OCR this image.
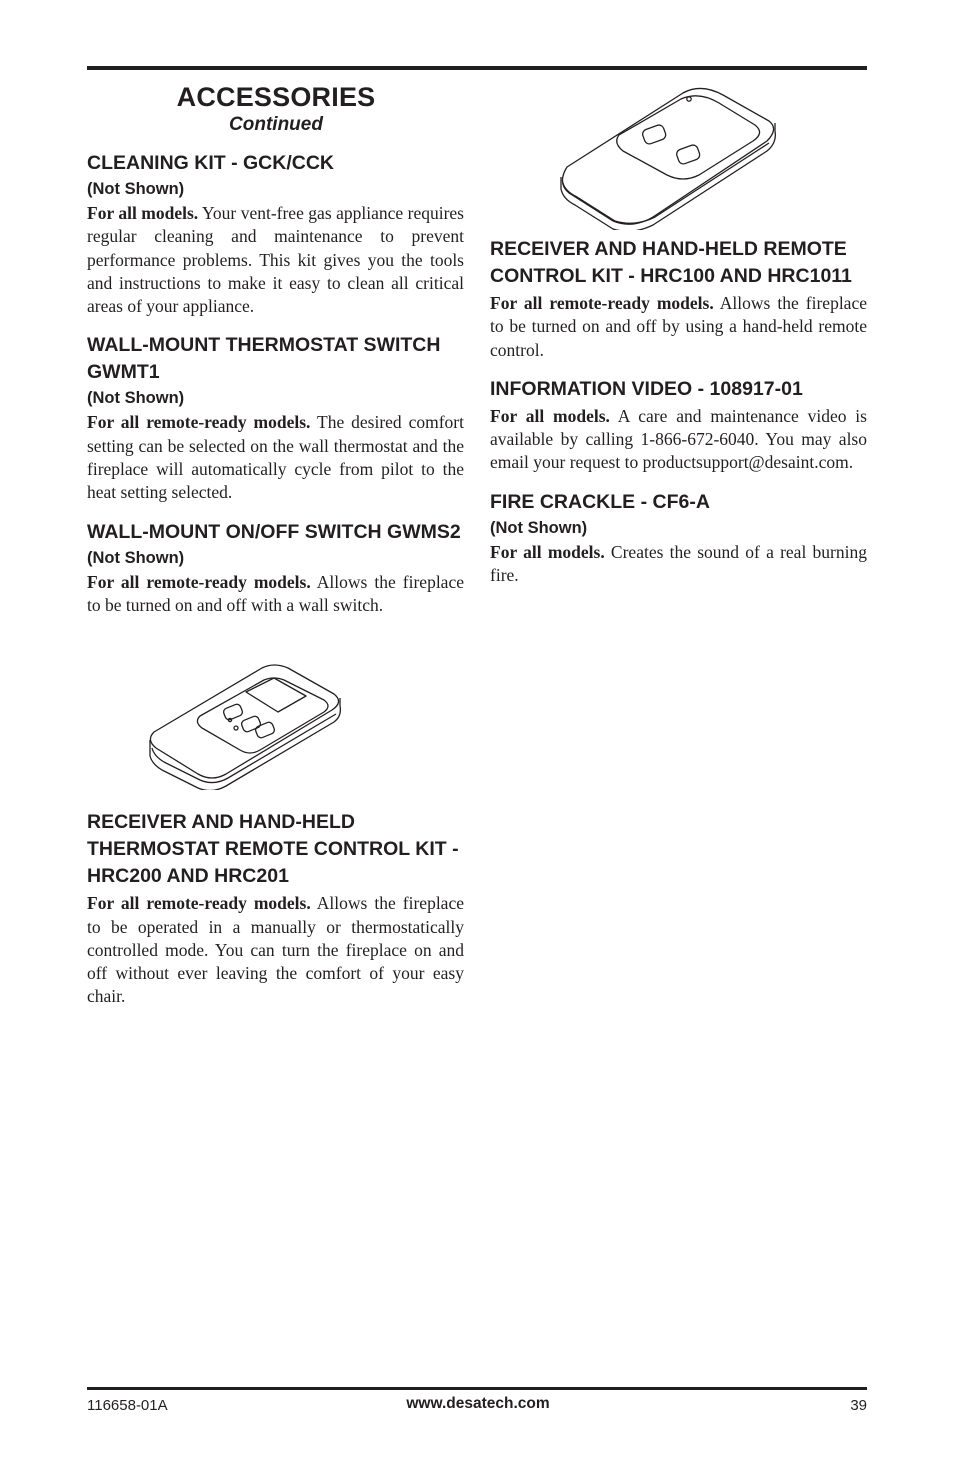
ACCESSORIES
Continued
CLEANING KIT - GCK/CCK
(Not Shown)

For all models. Your vent-free gas appliance requires regular cleaning and maintenance to prevent performance problems. This kit gives you the tools and instructions to make it easy to clean all critical areas of your appliance.

WALL-MOUNT THERMOSTAT SWITCH GWMT1
(Not Shown)

For all remote-ready models. The desired comfort setting can be selected on the wall thermostat and the fireplace will automatically cycle from pilot to the heat setting selected.

WALL-MOUNT ON/OFF SWITCH GWMS2
(Not Shown)

For all remote-ready models. Allows the fireplace to be turned on and off with a wall switch.

RECEIVER AND HAND-HELD THERMOSTAT REMOTE CONTROL KIT - HRC200 AND HRC201

For all remote-ready models. Allows the fireplace to be operated in a manually or thermostatically controlled mode. You can turn the fireplace on and off without ever leaving the comfort of your easy chair.

RECEIVER AND HAND-HELD REMOTE CONTROL KIT - HRC100 AND HRC1011

For all remote-ready models. Allows the fireplace to be turned on and off by using a hand-held remote control.

INFORMATION VIDEO - 108917-01

For all models. A care and maintenance video is available by calling 1-866-672-6040. You may also email your request to productsupport@desaint.com.

FIRE CRACKLE - CF6-A
(Not Shown)

For all models. Creates the sound of a real burning fire.

116658-01A	www.desatech.com	39
